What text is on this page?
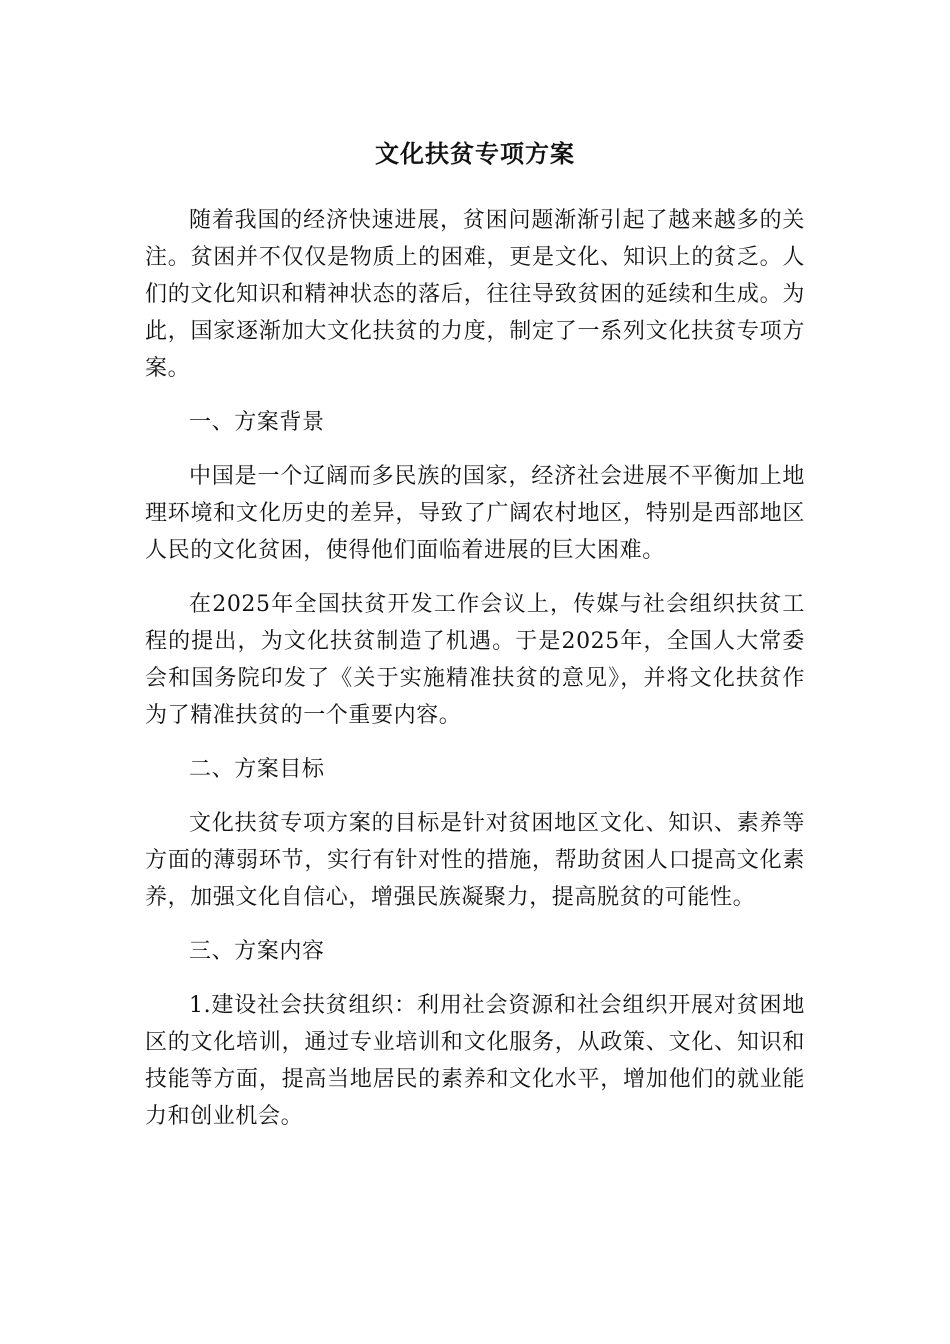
文化扶贫专项方案

随着我国的经济快速进展，贫困问题渐渐引起了越来越多的关注。贫困并不仅仅是物质上的困难，更是文化、知识上的贫乏。人们的文化知识和精神状态的落后，往往导致贫困的延续和生成。为此，国家逐渐加大文化扶贫的力度，制定了一系列文化扶贫专项方案。

一、方案背景

中国是一个辽阔而多民族的国家，经济社会进展不平衡加上地理环境和文化历史的差异，导致了广阔农村地区，特别是西部地区人民的文化贫困，使得他们面临着进展的巨大困难。

在2025年全国扶贫开发工作会议上，传媒与社会组织扶贫工程的提出，为文化扶贫制造了机遇。于是2025年，全国人大常委会和国务院印发了《关于实施精准扶贫的意见》，并将文化扶贫作为了精准扶贫的一个重要内容。

二、方案目标

文化扶贫专项方案的目标是针对贫困地区文化、知识、素养等方面的薄弱环节，实行有针对性的措施，帮助贫困人口提高文化素养，加强文化自信心，增强民族凝聚力，提高脱贫的可能性。

三、方案内容

1.建设社会扶贫组织：利用社会资源和社会组织开展对贫困地区的文化培训，通过专业培训和文化服务，从政策、文化、知识和技能等方面，提高当地居民的素养和文化水平，增加他们的就业能力和创业机会。
